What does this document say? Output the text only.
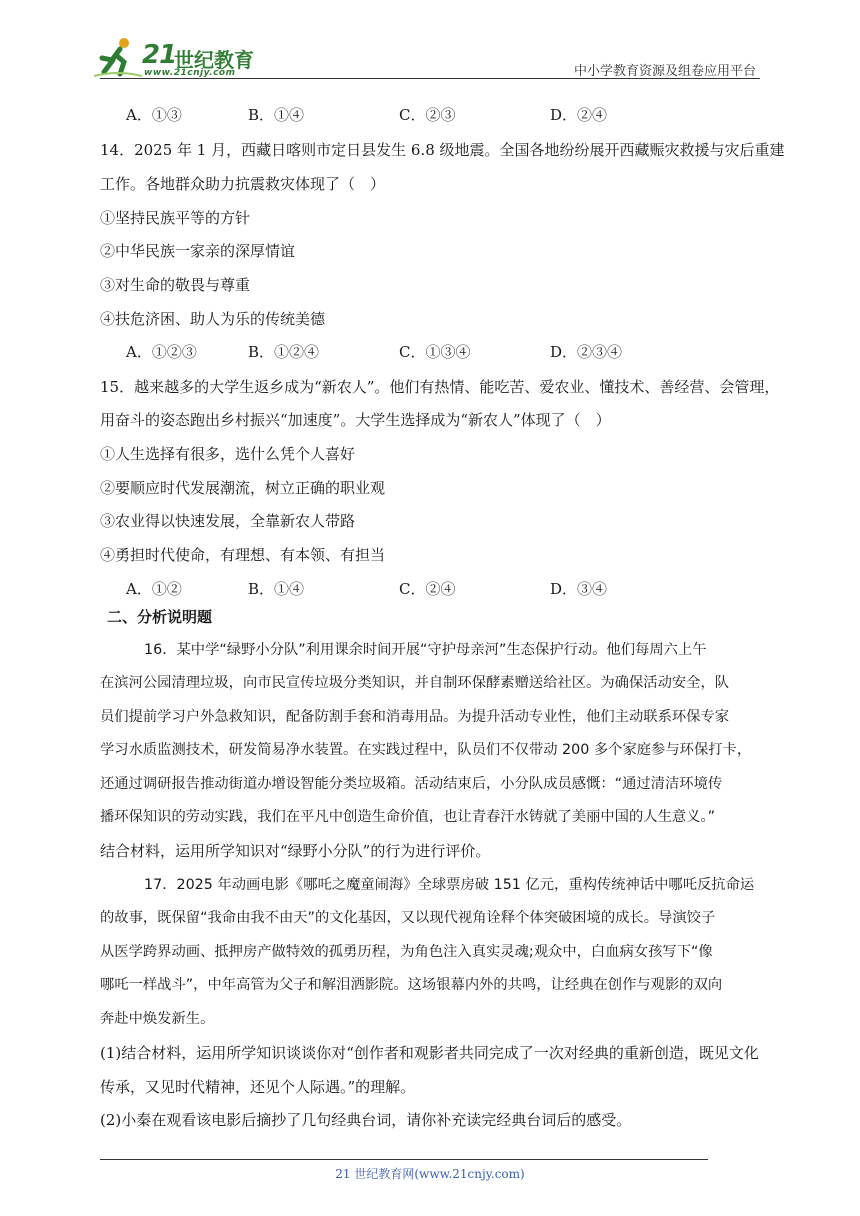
21
世纪教育
www.21cnjy.com	中小学教育资源及组卷应用平台
A．①③	B．①④	C．②③	D．②④
14．2025 年 1 月，西藏日喀则市定日县发生 6.8 级地震。全国各地纷纷展开西藏赈灾救援与灾后重建
工作。各地群众助力抗震救灾体现了（　）
①坚持民族平等的方针
②中华民族一家亲的深厚情谊
③对生命的敬畏与尊重
④扶危济困、助人为乐的传统美德
A．①②③	B．①②④	C．①③④	D．②③④
15．越来越多的大学生返乡成为“新农人”。他们有热情、能吃苦、爱农业、懂技术、善经营、会管理，
用奋斗的姿态跑出乡村振兴“加速度”。大学生选择成为“新农人”体现了（　）
①人生选择有很多，选什么凭个人喜好
②要顺应时代发展潮流，树立正确的职业观
③农业得以快速发展，全靠新农人带路
④勇担时代使命，有理想、有本领、有担当
A．①②	B．①④	C．②④	D．③④
二、分析说明题
16．某中学“绿野小分队”利用课余时间开展“守护母亲河”生态保护行动。他们每周六上午
在滨河公园清理垃圾，向市民宣传垃圾分类知识，并自制环保酵素赠送给社区。为确保活动安全，队
员们提前学习户外急救知识，配备防割手套和消毒用品。为提升活动专业性，他们主动联系环保专家
学习水质监测技术，研发简易净水装置。在实践过程中，队员们不仅带动 200 多个家庭参与环保打卡，
还通过调研报告推动街道办增设智能分类垃圾箱。活动结束后，小分队成员感慨：“通过清洁环境传
播环保知识的劳动实践，我们在平凡中创造生命价值，也让青春汗水铸就了美丽中国的人生意义。”
结合材料，运用所学知识对“绿野小分队”的行为进行评价。
17．2025 年动画电影《哪吒之魔童闹海》全球票房破 151 亿元，重构传统神话中哪吒反抗命运
的故事，既保留“我命由我不由天”的文化基因，又以现代视角诠释个体突破困境的成长。导演饺子
从医学跨界动画、抵押房产做特效的孤勇历程，为角色注入真实灵魂;观众中，白血病女孩写下“像
哪吒一样战斗”，中年高管为父子和解泪洒影院。这场银幕内外的共鸣，让经典在创作与观影的双向
奔赴中焕发新生。
(1)结合材料，运用所学知识谈谈你对“创作者和观影者共同完成了一次对经典的重新创造，既见文化
传承，又见时代精神，还见个人际遇。”的理解。
(2)小秦在观看该电影后摘抄了几句经典台词，请你补充读完经典台词后的感受。
21 世纪教育网(www.21cnjy.com)
